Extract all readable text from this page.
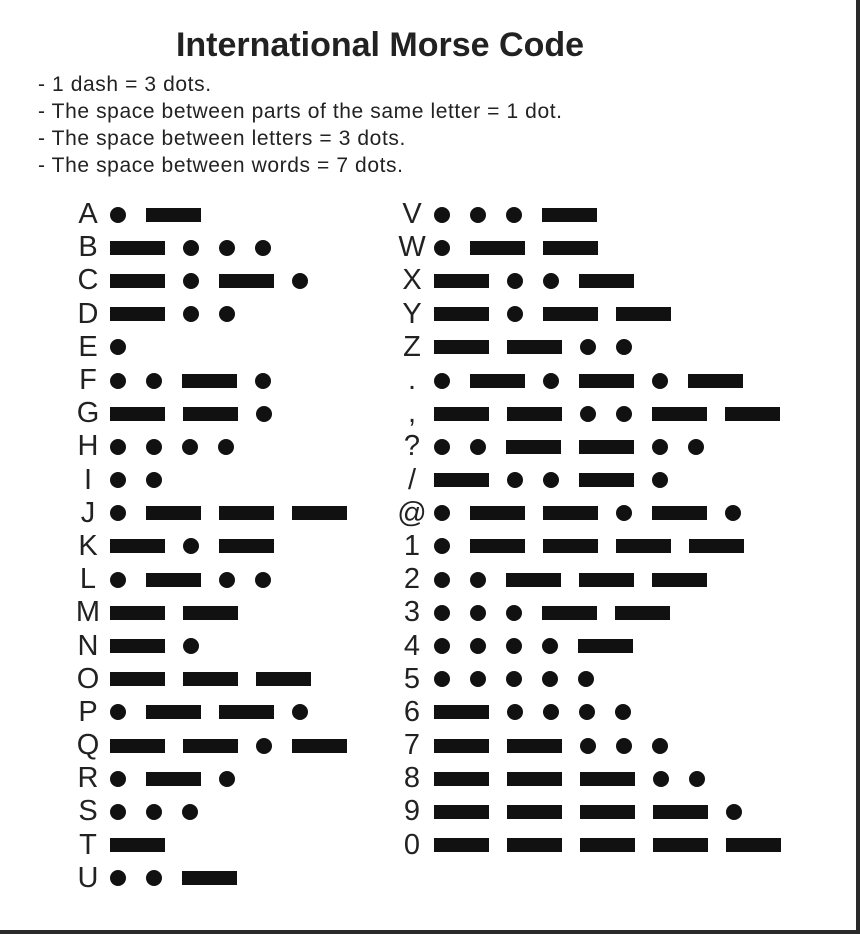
International Morse Code
- 1 dash = 3 dots.
- The space between parts of the same letter = 1 dot.
- The space between letters = 3 dots.
- The space between words = 7 dots.
A
B
C
D
E
F
G
H
I
J
K
L
M
N
O
P
Q
R
S
T
U
V
W
X
Y
Z
.
,
?
/
@
1
2
3
4
5
6
7
8
9
0
